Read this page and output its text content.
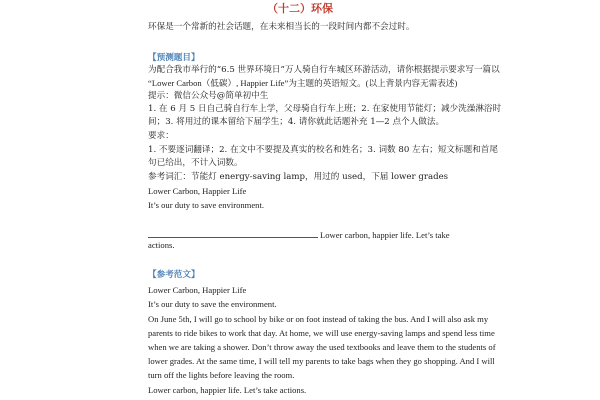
（十二）环保
环保是一个常新的社会话题，在未来相当长的一段时间内都不会过时。
【预测题目】
为配合我市举行的“6.5 世界环境日”万人骑自行车城区环游活动，请你根据提示要求写一篇以
“Lower Carbon（低碳）, Happier Life”为主题的英语短文。(以上背景内容无需表述)
提示：微信公众号@简单初中生
1. 在 6 月 5 日自己骑自行车上学，父母骑自行车上班；2. 在家使用节能灯；减少洗澡淋浴时
间；3. 将用过的课本留给下届学生；4. 请你就此话题补充 1—2 点个人做法。
要求：
1. 不要逐词翻译；2. 在文中不要提及真实的校名和姓名；3. 词数 80 左右；短文标题和首尾
句已给出，不计入词数。
参考词汇：节能灯 energy-saving lamp，用过的 used，下届 lower grades
Lower Carbon, Happier Life
It’s our duty to save environment.
Lower carbon, happier life. Let’s take
actions.
【参考范文】
Lower Carbon, Happier Life
It’s our duty to save the environment.
On June 5th, I will go to school by bike or on foot instead of taking the bus. And I will also ask my
parents to ride bikes to work that day. At home, we will use energy-saving lamps and spend less time
when we are taking a shower. Don’t throw away the used textbooks and leave them to the students of
lower grades. At the same time, I will tell my parents to take bags when they go shopping. And I will
turn off the lights before leaving the room.
Lower carbon, happier life. Let’s take actions.
